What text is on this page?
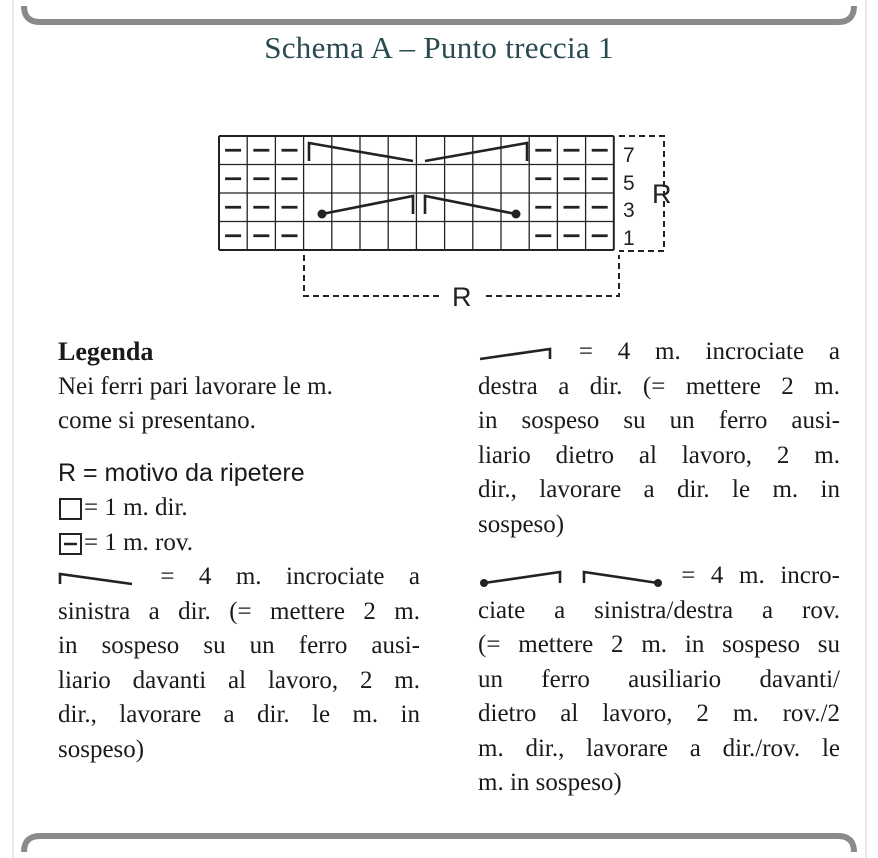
Schema A – Punto treccia 1
7
5
3
1
R
R

Legenda

Nei ferri pari lavorare le m.

come si presentano.

R = motivo da ripetere

= 1 m. dir.

= 1 m. rov.

= 4 m. incrociate a

sinistra a dir. (= mettere 2 m.

in sospeso su un ferro ausi-

liario davanti al lavoro, 2 m.

dir., lavorare a dir. le m. in

sospeso)

= 4 m. incrociate a

destra a dir. (= mettere 2 m.

in sospeso su un ferro ausi-

liario dietro al lavoro, 2 m.

dir., lavorare a dir. le m. in

sospeso)

= 4 m. incro-

ciate a sinistra/destra a rov.

(= mettere 2 m. in sospeso su

un ferro ausiliario davanti/

dietro al lavoro, 2 m. rov./2

m. dir., lavorare a dir./rov. le

m. in sospeso)
